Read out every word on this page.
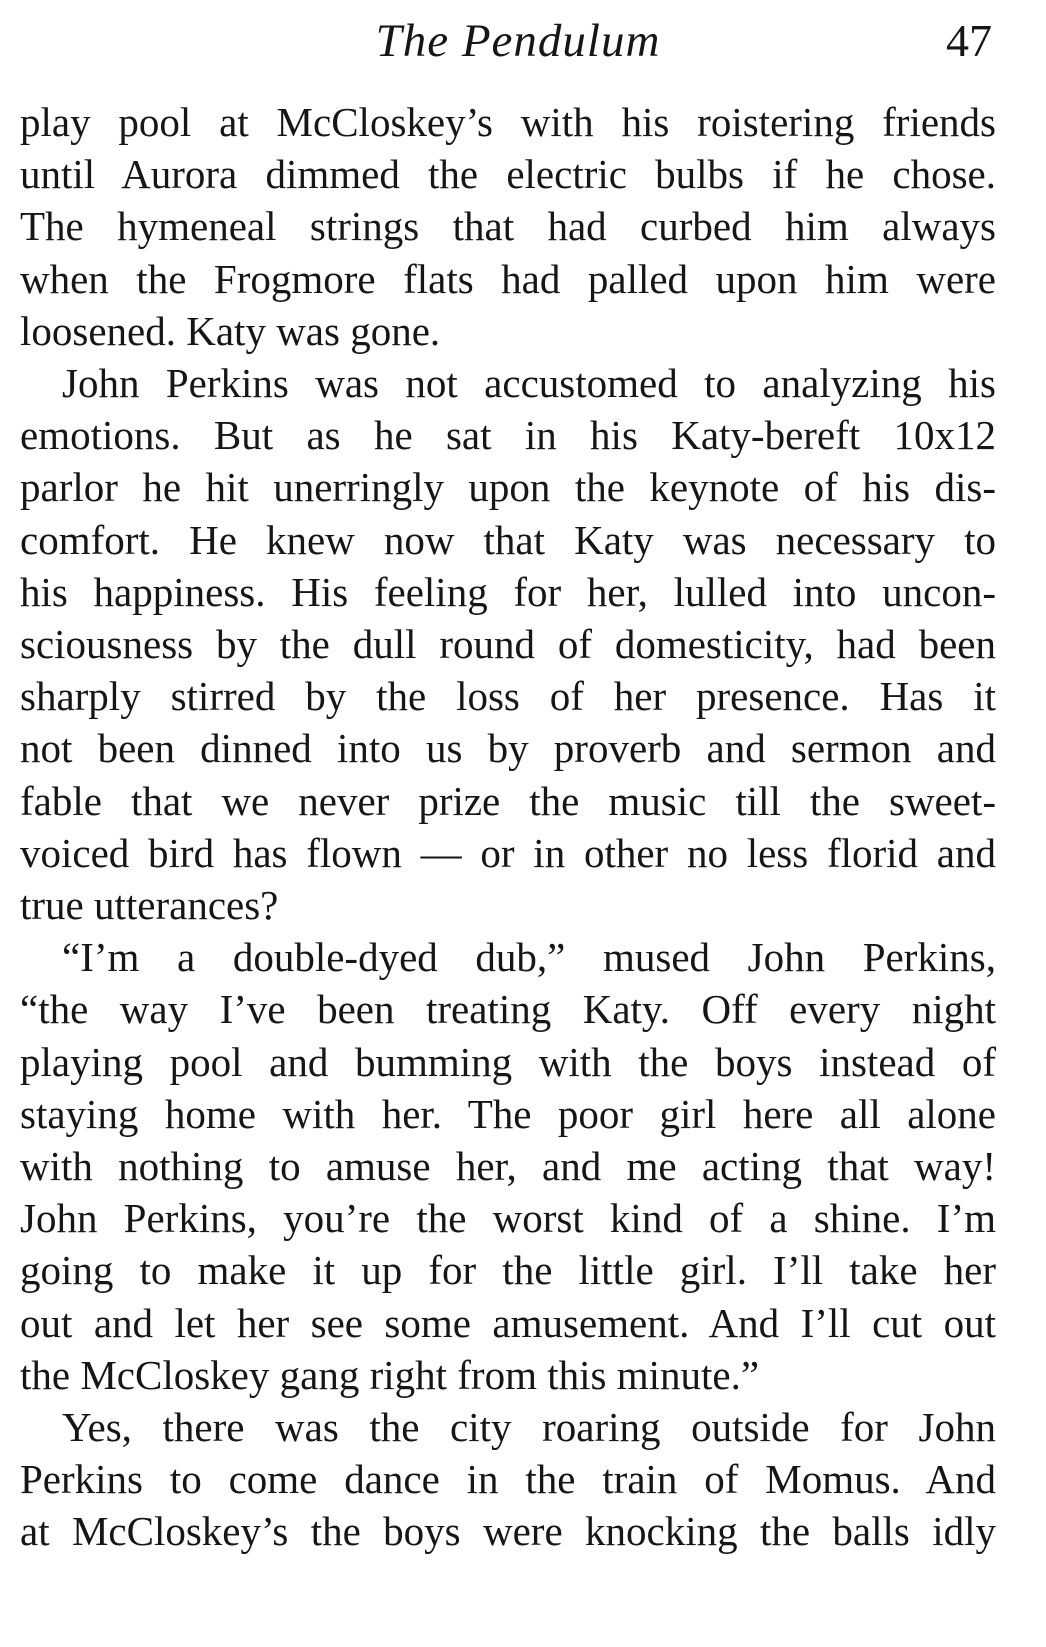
The Pendulum	47
play pool at McCloskey’s with his roistering friends
until Aurora dimmed the electric bulbs if he chose.
The hymeneal strings that had curbed him always
when the Frogmore flats had palled upon him were
loosened. Katy was gone.
John Perkins was not accustomed to analyzing his
emotions. But as he sat in his Katy-bereft 10x12
parlor he hit unerringly upon the keynote of his dis-
comfort. He knew now that Katy was necessary to
his happiness. His feeling for her, lulled into uncon-
sciousness by the dull round of domesticity, had been
sharply stirred by the loss of her presence. Has it
not been dinned into us by proverb and sermon and
fable that we never prize the music till the sweet-
voiced bird has flown — or in other no less florid and
true utterances?
“I’m a double-dyed dub,” mused John Perkins,
“the way I’ve been treating Katy. Off every night
playing pool and bumming with the boys instead of
staying home with her. The poor girl here all alone
with nothing to amuse her, and me acting that way!
John Perkins, you’re the worst kind of a shine. I’m
going to make it up for the little girl. I’ll take her
out and let her see some amusement. And I’ll cut out
the McCloskey gang right from this minute.”
Yes, there was the city roaring outside for John
Perkins to come dance in the train of Momus. And
at McCloskey’s the boys were knocking the balls idly
